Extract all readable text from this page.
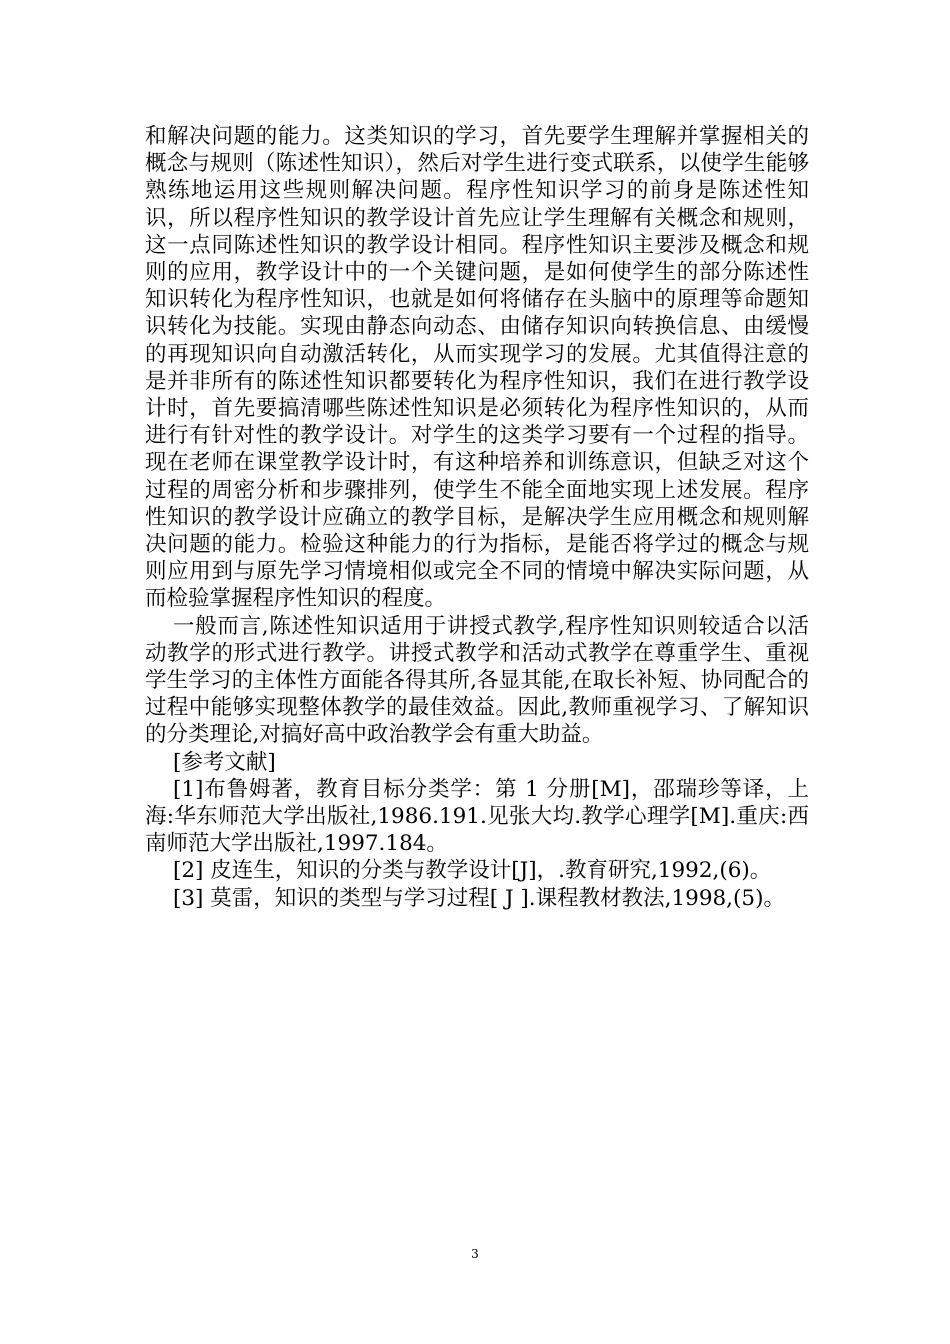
和解决问题的能力。这类知识的学习，首先要学生理解并掌握相关的概念与规则（陈述性知识），然后对学生进行变式联系，以使学生能够熟练地运用这些规则解决问题。程序性知识学习的前身是陈述性知识，所以程序性知识的教学设计首先应让学生理解有关概念和规则，这一点同陈述性知识的教学设计相同。程序性知识主要涉及概念和规则的应用，教学设计中的一个关键问题，是如何使学生的部分陈述性知识转化为程序性知识，也就是如何将储存在头脑中的原理等命题知识转化为技能。实现由静态向动态、由储存知识向转换信息、由缓慢的再现知识向自动激活转化，从而实现学习的发展。尤其值得注意的是并非所有的陈述性知识都要转化为程序性知识，我们在进行教学设计时，首先要搞清哪些陈述性知识是必须转化为程序性知识的，从而进行有针对性的教学设计。对学生的这类学习要有一个过程的指导。现在老师在课堂教学设计时，有这种培养和训练意识，但缺乏对这个过程的周密分析和步骤排列，使学生不能全面地实现上述发展。程序性知识的教学设计应确立的教学目标，是解决学生应用概念和规则解决问题的能力。检验这种能力的行为指标，是能否将学过的概念与规则应用到与原先学习情境相似或完全不同的情境中解决实际问题，从而检验掌握程序性知识的程度。

一般而言,陈述性知识适用于讲授式教学,程序性知识则较适合以活动教学的形式进行教学。讲授式教学和活动式教学在尊重学生、重视学生学习的主体性方面能各得其所,各显其能,在取长补短、协同配合的过程中能够实现整体教学的最佳效益。因此,教师重视学习、了解知识的分类理论,对搞好高中政治教学会有重大助益。

[参考文献]

[1]布鲁姆著，教育目标分类学：第 1 分册[M]，邵瑞珍等译，上海:华东师范大学出版社,1986.191.见张大均.教学心理学[M].重庆:西南师范大学出版社,1997.184。

[2] 皮连生，知识的分类与教学设计[J]，.教育研究,1992,(6)。

[3] 莫雷，知识的类型与学习过程[ J ].课程教材教法,1998,(5)。

3
